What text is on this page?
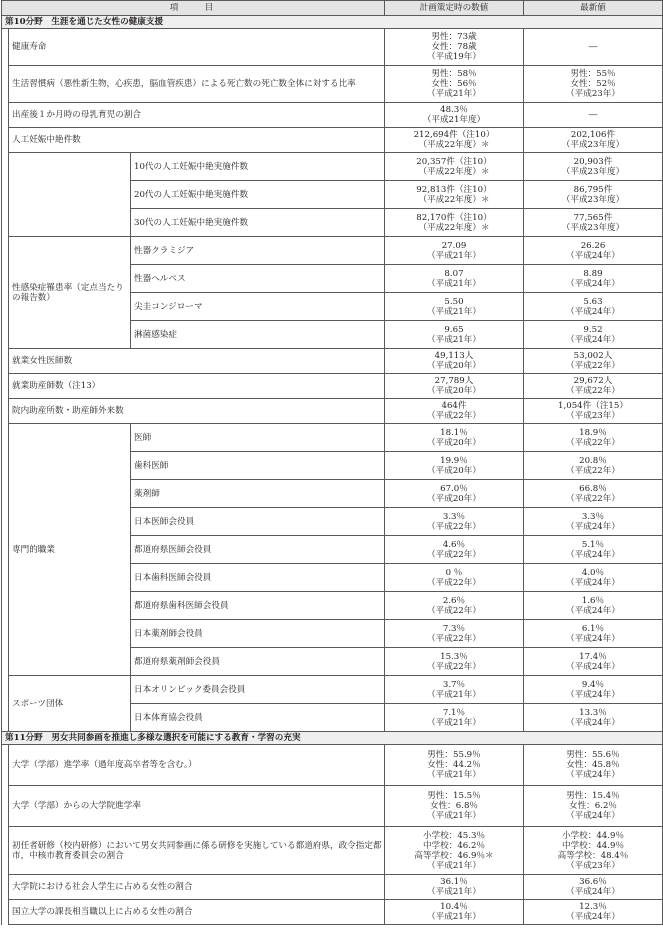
項　　目			計画策定時の数値	最新値
第10分野　生涯を通じた女性の健康支援				
	健康寿命		男性：73歳
女性：78歳
（平成19年）	―

	生活習慣病（悪性新生物，心疾患，脳血管疾患）による死亡数の死亡数全体に対する比率		男性：58％
女性：56％
（平成21年）	男性：55％
女性：52％
（平成23年）

	出産後１か月時の母乳育児の割合		48.3％
（平成21年度）	―

	人工妊娠中絶件数		212,694件（注10）
（平成22年度）＊	202,106件
（平成23年度）

		10代の人工妊娠中絶実施件数	20,357件（注10）
（平成22年度）＊	20,903件
（平成23年度）

		20代の人工妊娠中絶実施件数	92,813件（注10）
（平成22年度）＊	86,795件
（平成23年度）

		30代の人工妊娠中絶実施件数	82,170件（注10）
（平成22年度）＊	77,565件
（平成23年度）

	性感染症罹患率（定点当たりの報告数）	性器クラミジア	27.09
（平成21年）	26.26
（平成24年）

		性器ヘルペス	8.07
（平成21年）	8.89
（平成24年）

		尖圭コンジローマ	5.50
（平成21年）	5.63
（平成24年）

		淋菌感染症	9.65
（平成21年）	9.52
（平成24年）

	就業女性医師数		49,113人
（平成20年）	53,002人
（平成22年）

	就業助産師数（注13）		27,789人
（平成20年）	29,672人
（平成22年）

	院内助産所数・助産師外来数		464件
（平成22年）	1,054件（注15）
（平成23年）

	専門的職業	医師	18.1％
（平成20年）	18.9％
（平成22年）

		歯科医師	19.9％
（平成20年）	20.8％
（平成22年）

		薬剤師	67.0％
（平成20年）	66.8％
（平成22年）

		日本医師会役員	3.3％
（平成22年）	3.3％
（平成24年）

		都道府県医師会役員	4.6％
（平成22年）	5.1％
（平成24年）

		日本歯科医師会役員	0 ％
（平成22年）	4.0％
（平成24年）

		都道府県歯科医師会役員	2.6％
（平成22年）	1.6％
（平成24年）

		日本薬剤師会役員	7.3％
（平成22年）	6.1％
（平成24年）

		都道府県薬剤師会役員	15.3％
（平成22年）	17.4％
（平成24年）

	スポーツ団体	日本オリンピック委員会役員	3.7％
（平成21年）	9.4％
（平成24年）

		日本体育協会役員	7.1％
（平成21年）	13.3％
（平成24年）

第11分野　男女共同参画を推進し多様な選択を可能にする教育・学習の充実				
	大学（学部）進学率（過年度高卒者等を含む。）		男性：55.9％
女性：44.2％
（平成21年）	男性：55.6％
女性：45.8％
（平成24年）

	大学（学部）からの大学院進学率		男性：15.5％
女性：6.8％
（平成21年）	男性：15.4％
女性：6.2％
（平成24年）

	初任者研修（校内研修）において男女共同参画に係る研修を実施している都道府県，政令指定都市，中核市教育委員会の割合		小学校：45.3％
中学校：46.2％
高等学校：46.9％＊
（平成21年）	小学校：44.9％
中学校：44.9％
高等学校：48.4％
（平成23年）

	大学院における社会人学生に占める女性の割合		36.1％
（平成21年）	36.6％
（平成24年）

	国立大学の課長相当職以上に占める女性の割合		10.4％
（平成21年）	12.3％
（平成24年）
